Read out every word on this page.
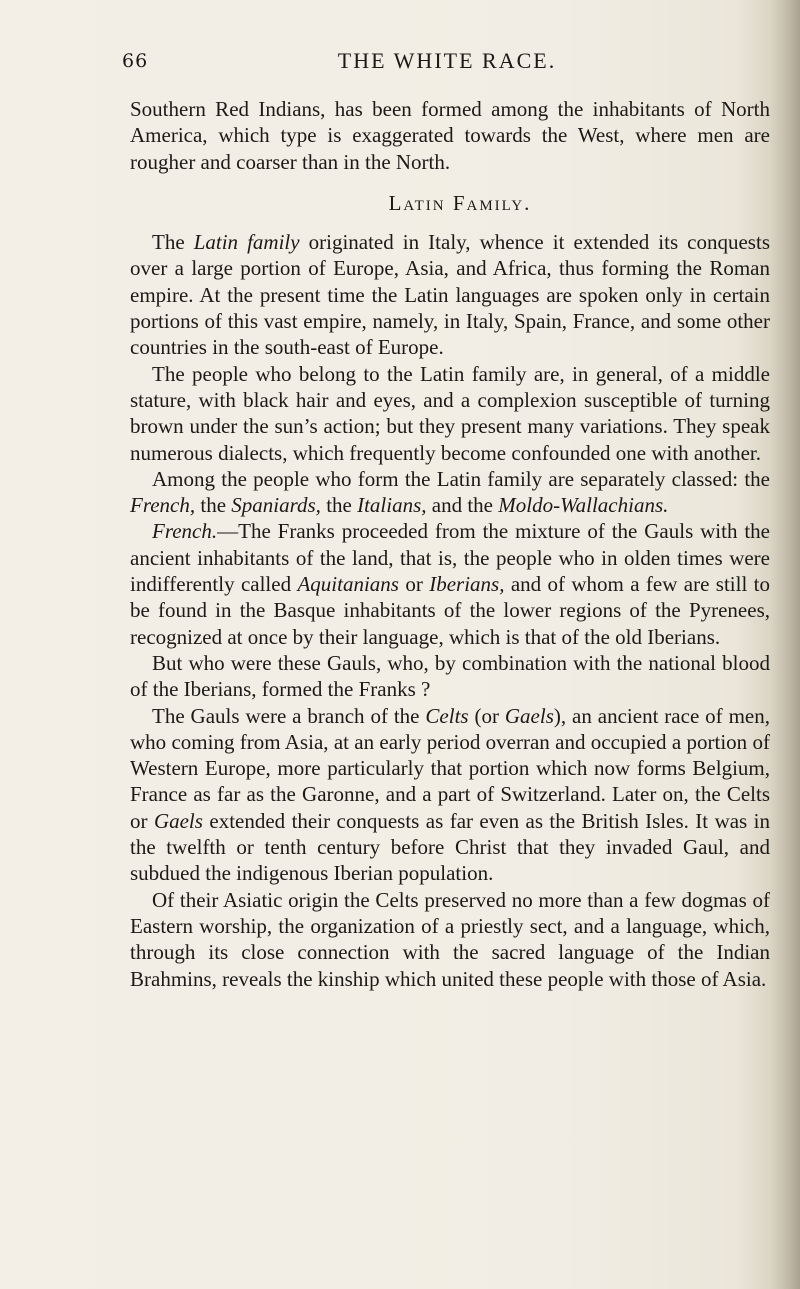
66	THE WHITE RACE.

Southern Red Indians, has been formed among the inhabitants of North America, which type is exaggerated towards the West, where men are rougher and coarser than in the North.

Latin Family.

The Latin family originated in Italy, whence it extended its conquests over a large portion of Europe, Asia, and Africa, thus forming the Roman empire. At the present time the Latin languages are spoken only in certain portions of this vast empire, namely, in Italy, Spain, France, and some other countries in the south-east of Europe.

The people who belong to the Latin family are, in general, of a middle stature, with black hair and eyes, and a complexion susceptible of turning brown under the sun’s action; but they present many variations. They speak numerous dialects, which frequently become confounded one with another.

Among the people who form the Latin family are separately classed: the French, the Spaniards, the Italians, and the Moldo-Wallachians.

French.—The Franks proceeded from the mixture of the Gauls with the ancient inhabitants of the land, that is, the people who in olden times were indifferently called Aquitanians or Iberians, and of whom a few are still to be found in the Basque inhabitants of the lower regions of the Pyrenees, recognized at once by their language, which is that of the old Iberians.

But who were these Gauls, who, by combination with the national blood of the Iberians, formed the Franks ?

The Gauls were a branch of the Celts (or Gaels), an ancient race of men, who coming from Asia, at an early period overran and occupied a portion of Western Europe, more particularly that portion which now forms Belgium, France as far as the Garonne, and a part of Switzerland. Later on, the Celts or Gaels extended their conquests as far even as the British Isles. It was in the twelfth or tenth century before Christ that they invaded Gaul, and subdued the indigenous Iberian population.

Of their Asiatic origin the Celts preserved no more than a few dogmas of Eastern worship, the organization of a priestly sect, and a language, which, through its close connection with the sacred language of the Indian Brahmins, reveals the kinship which united these people with those of Asia.
